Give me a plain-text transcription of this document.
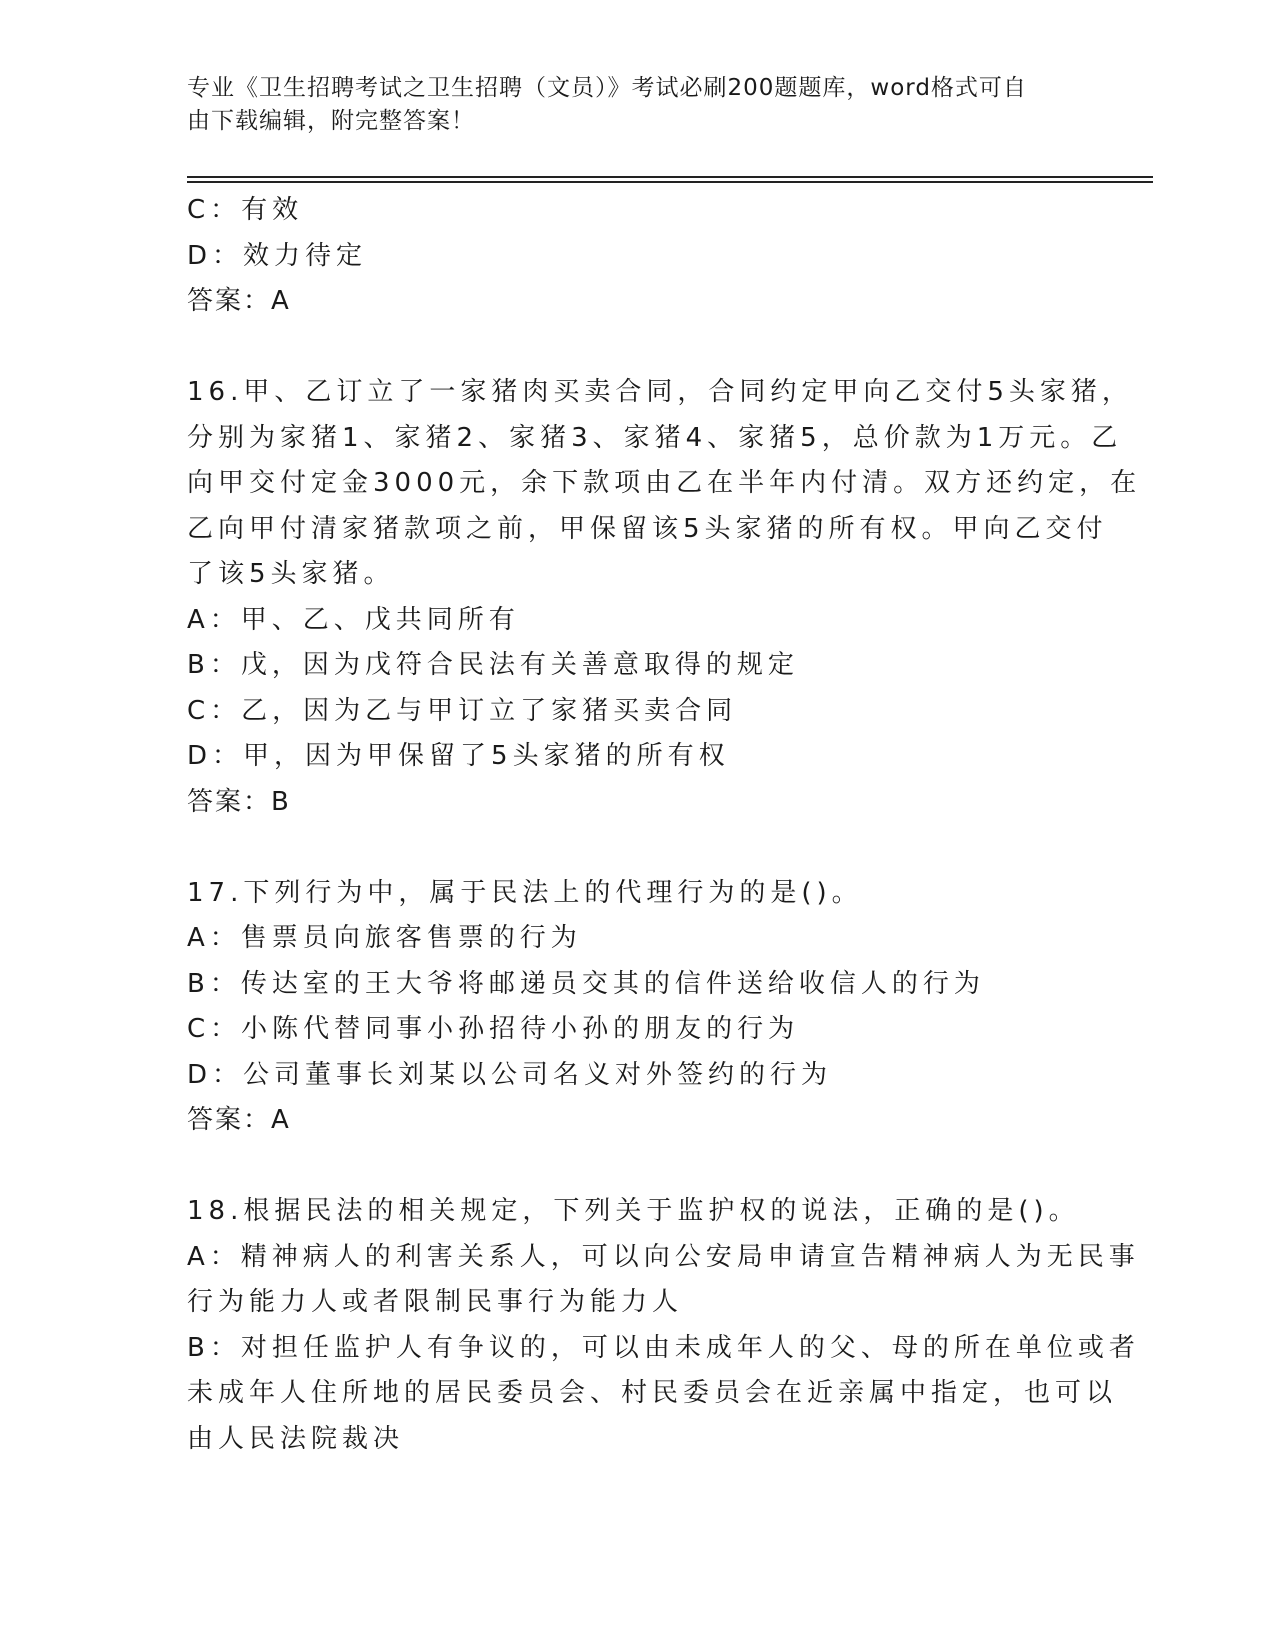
专业《卫生招聘考试之卫生招聘（文员）》考试必刷200题题库，word格式可自
由下载编辑，附完整答案！
C：有效
D：效力待定
答案：A
16.甲、乙订立了一家猪肉买卖合同，合同约定甲向乙交付5头家猪，
分别为家猪1、家猪2、家猪3、家猪4、家猪5，总价款为1万元。乙
向甲交付定金3000元，余下款项由乙在半年内付清。双方还约定，在
乙向甲付清家猪款项之前，甲保留该5头家猪的所有权。甲向乙交付
了该5头家猪。
A：甲、乙、戊共同所有
B：戊，因为戊符合民法有关善意取得的规定
C：乙，因为乙与甲订立了家猪买卖合同
D：甲，因为甲保留了5头家猪的所有权
答案：B
17.下列行为中，属于民法上的代理行为的是()。
A：售票员向旅客售票的行为
B：传达室的王大爷将邮递员交其的信件送给收信人的行为
C：小陈代替同事小孙招待小孙的朋友的行为
D：公司董事长刘某以公司名义对外签约的行为
答案：A
18.根据民法的相关规定，下列关于监护权的说法，正确的是()。
A：精神病人的利害关系人，可以向公安局申请宣告精神病人为无民事
行为能力人或者限制民事行为能力人
B：对担任监护人有争议的，可以由未成年人的父、母的所在单位或者
未成年人住所地的居民委员会、村民委员会在近亲属中指定，也可以
由人民法院裁决
